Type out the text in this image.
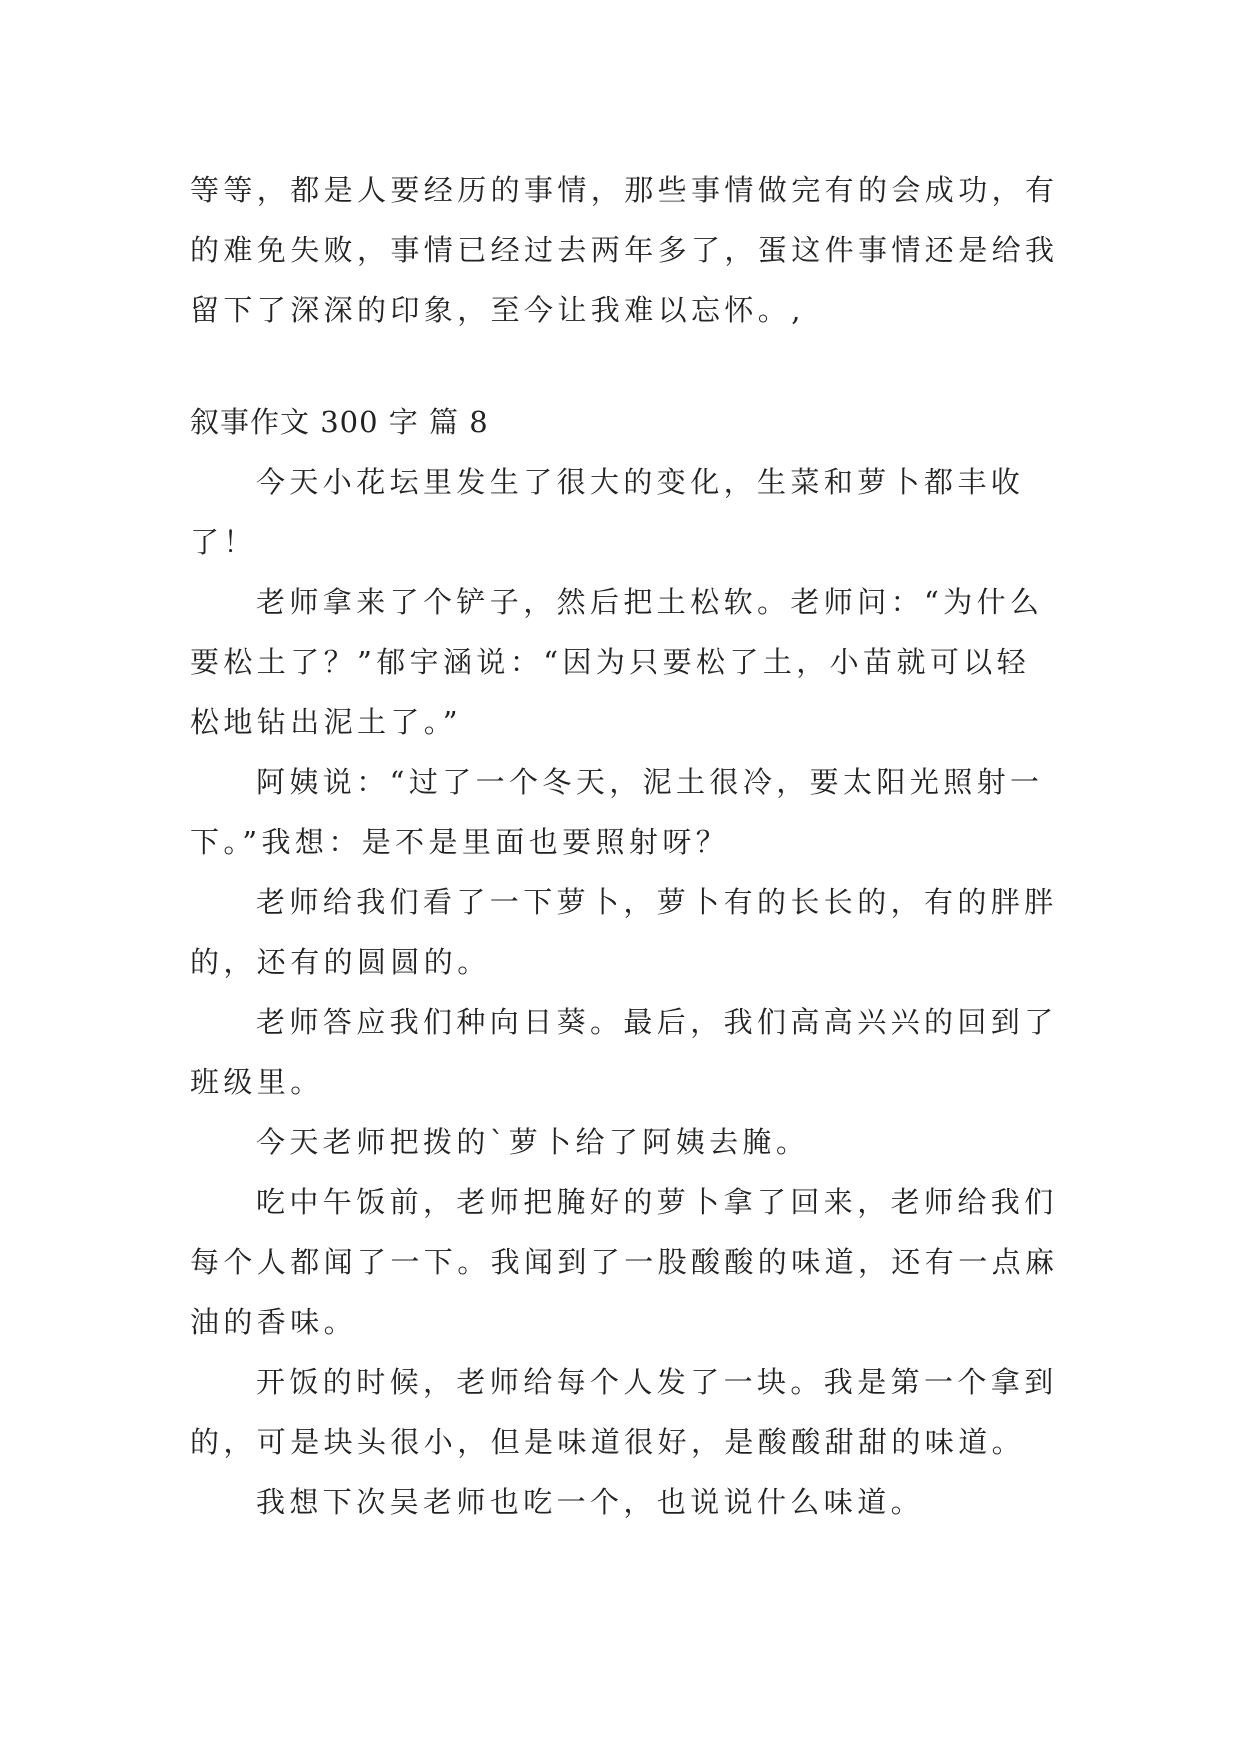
等等，都是人要经历的事情，那些事情做完有的会成功，有
的难免失败，事情已经过去两年多了，蛋这件事情还是给我
留下了深深的印象，至今让我难以忘怀。,
叙事作文 300 字 篇 8
今天小花坛里发生了很大的变化，生菜和萝卜都丰收
了！
老师拿来了个铲子，然后把土松软。老师问：“为什么
要松土了？”郁宇涵说：“因为只要松了土，小苗就可以轻
松地钻出泥土了。”
阿姨说：“过了一个冬天，泥土很冷，要太阳光照射一
下。”我想：是不是里面也要照射呀？
老师给我们看了一下萝卜，萝卜有的长长的，有的胖胖
的，还有的圆圆的。
老师答应我们种向日葵。最后，我们高高兴兴的回到了
班级里。
今天老师把拨的`萝卜给了阿姨去腌。
吃中午饭前，老师把腌好的萝卜拿了回来，老师给我们
每个人都闻了一下。我闻到了一股酸酸的味道，还有一点麻
油的香味。
开饭的时候，老师给每个人发了一块。我是第一个拿到
的，可是块头很小，但是味道很好，是酸酸甜甜的味道。
我想下次吴老师也吃一个，也说说什么味道。
